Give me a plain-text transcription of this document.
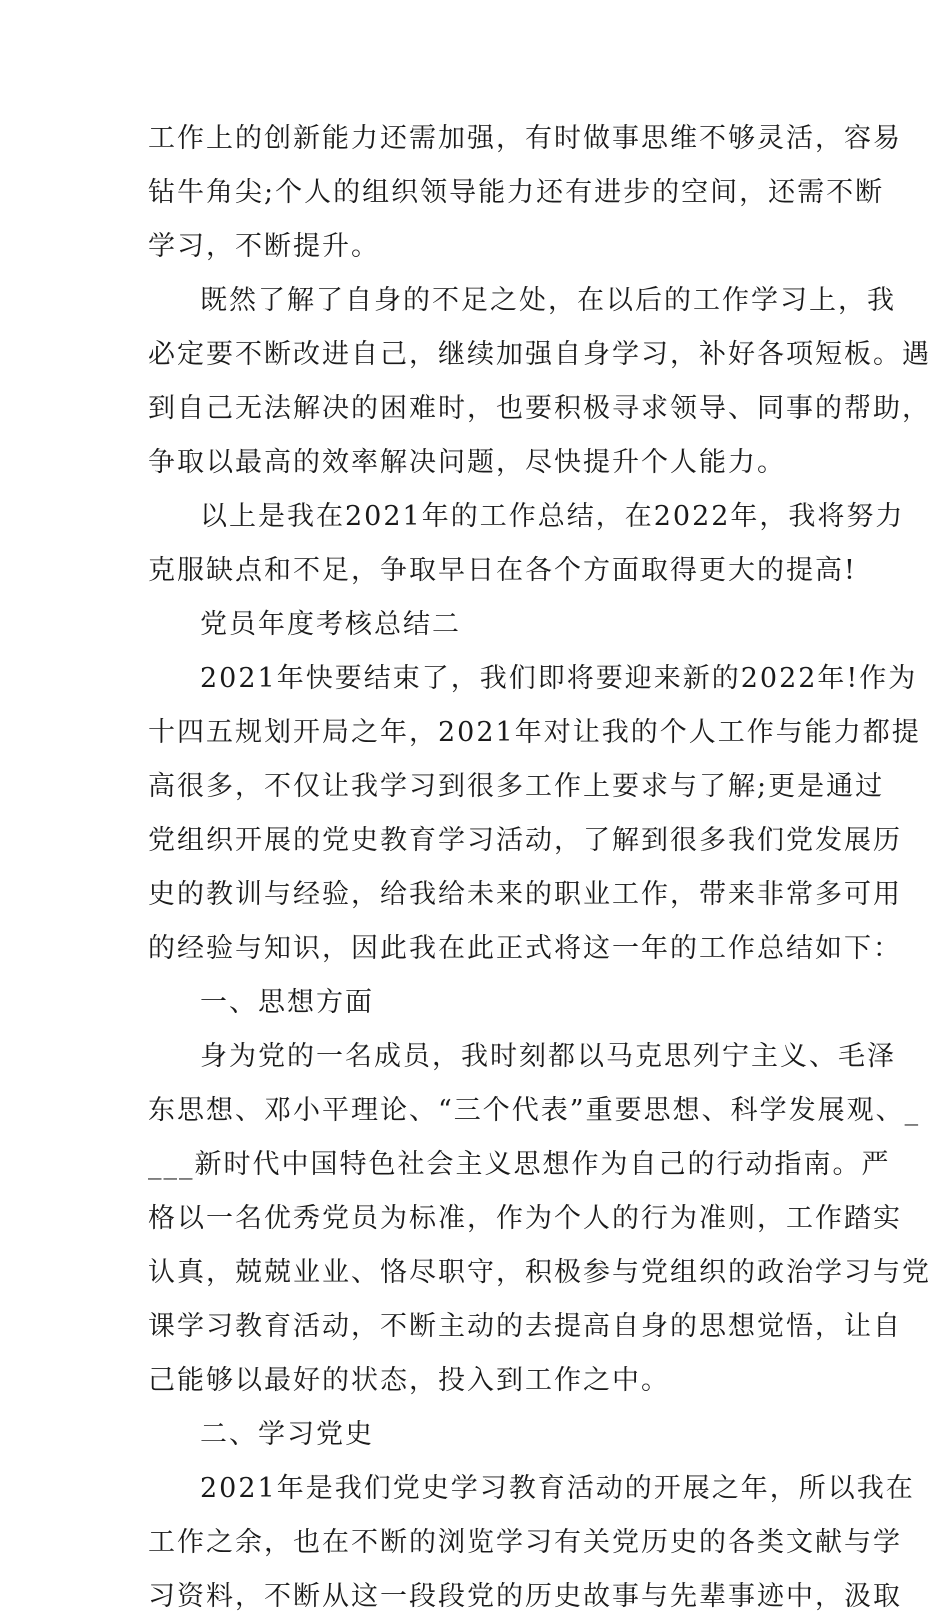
工作上的创新能力还需加强，有时做事思维不够灵活，容易
钻牛角尖;个人的组织领导能力还有进步的空间，还需不断
学习，不断提升。
既然了解了自身的不足之处，在以后的工作学习上，我
必定要不断改进自己，继续加强自身学习，补好各项短板。遇
到自己无法解决的困难时，也要积极寻求领导、同事的帮助，
争取以最高的效率解决问题，尽快提升个人能力。
以上是我在2021年的工作总结，在2022年，我将努力
克服缺点和不足，争取早日在各个方面取得更大的提高!
党员年度考核总结二
2021年快要结束了，我们即将要迎来新的2022年!作为
十四五规划开局之年，2021年对让我的个人工作与能力都提
高很多，不仅让我学习到很多工作上要求与了解;更是通过
党组织开展的党史教育学习活动，了解到很多我们党发展历
史的教训与经验，给我给未来的职业工作，带来非常多可用
的经验与知识，因此我在此正式将这一年的工作总结如下：
一、思想方面
身为党的一名成员，我时刻都以马克思列宁主义、毛泽
东思想、邓小平理论、“三个代表”重要思想、科学发展观、_
___新时代中国特色社会主义思想作为自己的行动指南。严
格以一名优秀党员为标准，作为个人的行为准则，工作踏实
认真，兢兢业业、恪尽职守，积极参与党组织的政治学习与党
课学习教育活动，不断主动的去提高自身的思想觉悟，让自
己能够以最好的状态，投入到工作之中。
二、学习党史
2021年是我们党史学习教育活动的开展之年，所以我在
工作之余，也在不断的浏览学习有关党历史的各类文献与学
习资料，不断从这一段段党的历史故事与先辈事迹中，汲取
